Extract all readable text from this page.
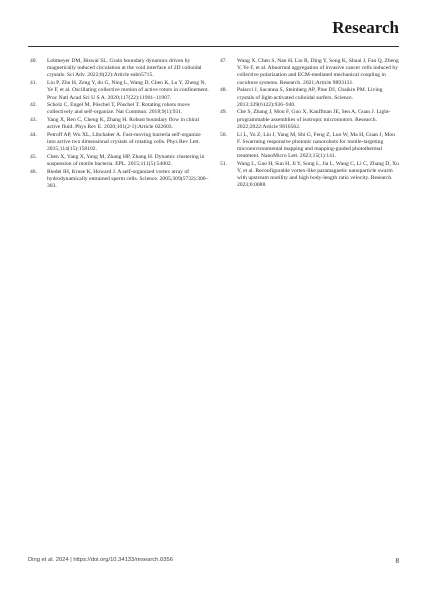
Research
40.	Lobmeyer DM, Biswal SL. Grain boundary dynamics driven by magnetically induced circulation at the void interface of 2D colloidal crystals. Sci Adv. 2022;8(22):Article eabn5715.
41.	Liu P, Zhu H, Zeng Y, du G, Ning L, Wang D, Chen K, Lu Y, Zheng N, Ye F, et al. Oscillating collective motion of active rotors in confinement. Proc Natl Acad Sci U S A. 2020;117(22):11901–11907.
42.	Scholz C, Engel M, Pöschel T, Pöschel T. Rotating robots move collectively and self-organize. Nat Commun. 2018;9(1):931.
43.	Yang X, Ren C, Cheng K, Zhang H. Robust boundary flow in chiral active fluid. Phys Rev E. 2020;101(2-1):Article 022603.
44.	Petroff AP, Wu XL, Libchaber A. Fast-moving bacteria self-organize into active two dimensional crystals of rotating cells. Phys Rev Lett. 2015;114(15):158102.
45.	Chen X, Yang X, Yang M, Zhang HP, Zhang H. Dynamic clustering in suspension of motile bacteria. EPL. 2015;111(5):54002.
46.	Riedel IH, Kruse K, Howard J. A self-organized vortex array of hydrodynamically entrained sperm cells. Science. 2005;309(5732):300–303.
47.	Wang X, Chen S, Nan H, Liu R, Ding Y, Song K, Shuai J, Fan Q, Zheng Y, Ye F, et al. Abnormal aggregation of invasive cancer cells induced by collective polarization and ECM-mediated mechanical coupling in coculture systems. Research. 2021;Article 9893131.
48.	Palacci J, Sacanna S, Steinberg AP, Pine DJ, Chaikin PM. Living crystals of light-activated colloidal surfers. Science. 2013;339(6122):936–940.
49.	Che S, Zhang J, Mou F, Guo X, Kauffman JE, Sen A, Guan J. Light-programmable assemblies of isotropic micromotors. Research. 2022;2022:Article 9816562.
50.	Li L, Yu Z, Liu J, Yang M, Shi G, Feng Z, Luo W, Ma H, Guan J, Mou F. Swarming responsive photonic nanorobots for motile-targeting microenvironmental mapping and mapping-guided photothermal treatment. NanoMicro Lett. 2023;15(1):141.
51.	Wang L, Gao H, Sun H, Ji Y, Song L, Jia L, Wang C, Li C, Zhang D, Xu Y, et al. Reconfigurable vortex-like paramagnetic nanoparticle swarm with upstream motility and high body-length ratio velocity. Research. 2023;6:0088.
Ding et al. 2024 | https://doi.org/10.34133/research.0356	8
